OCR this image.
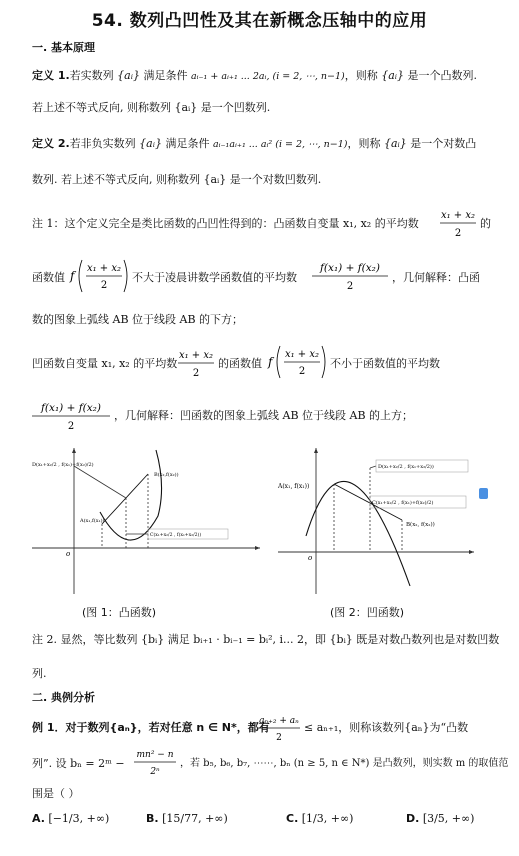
54. 数列凸凹性及其在新概念压轴中的应用
一. 基本原理
定义 1.若实数列 {aᵢ} 满足条件 aᵢ₋₁ + aᵢ₊₁ ... 2aᵢ, (i = 2, ⋯, n−1)，则称 {aᵢ} 是一个凸数列.
若上述不等式反向, 则称数列 {aᵢ} 是一个凹数列.
定义 2.若非负实数列 {aᵢ} 满足条件 aᵢ₋₁aᵢ₊₁ ... aᵢ² (i = 2, ⋯, n−1)，则称 {aᵢ} 是一个对数凸
数列. 若上述不等式反向, 则称数列 {aᵢ} 是一个对数凹数列.
注 1：这个定义完全是类比函数的凸凹性得到的：凸函数自变量 x₁, x₂ 的平均数
x₁ + x₂
2
的
函数值 f
x₁ + x₂
2
不大于凌晨讲数学函数值的平均数
f(x₁) + f(x₂)
2
，几何解释：凸函
数的图象上弧线 AB 位于线段 AB 的下方；
凹函数自变量 x₁, x₂ 的平均数
x₁ + x₂
2
的函数值 f
x₁ + x₂
2
不小于函数值的平均数
f(x₁) + f(x₂)
2
，几何解释：凹函数的图象上弧线 AB 位于线段 AB 的上方；
o
D(x₁+x₂/2 , f(x₁)+f(x₂)/2)
B(x₂,f(x₂))
A(x₁,f(x₁))
C(x₁+x₂/2 , f(x₁+x₂/2))
(图 1：凸函数)
o
A(x₁, f(x₁))
D(x₁+x₂/2 , f(x₁+x₂/2))
C(x₁+x₂/2 , f(x₁)+f(x₂)/2)
B(x₂, f(x₂))
(图 2：凹函数)
注 2. 显然，等比数列 {bᵢ} 满足 bᵢ₊₁ · bᵢ₋₁ = bᵢ², i... 2，即 {bᵢ} 既是对数凸数列也是对数凹数
列.
二. 典例分析
例 1．对于数列{aₙ}，若对任意 n ∈ N*，都有
aₙ₊₂ + aₙ
2
≤ aₙ₊₁，则称该数列{aₙ}为“凸数
列”. 设 bₙ = 2ᵐ −
mn² − n
2ⁿ
，若 b₅, b₆, b₇, ⋯⋯, bₙ (n ≥ 5, n ∈ N*) 是凸数列，则实数 m 的取值范
围是（ ）
A. [−1/3, +∞)	B. [15/77, +∞)	C. [1/3, +∞)	D. [3/5, +∞)
